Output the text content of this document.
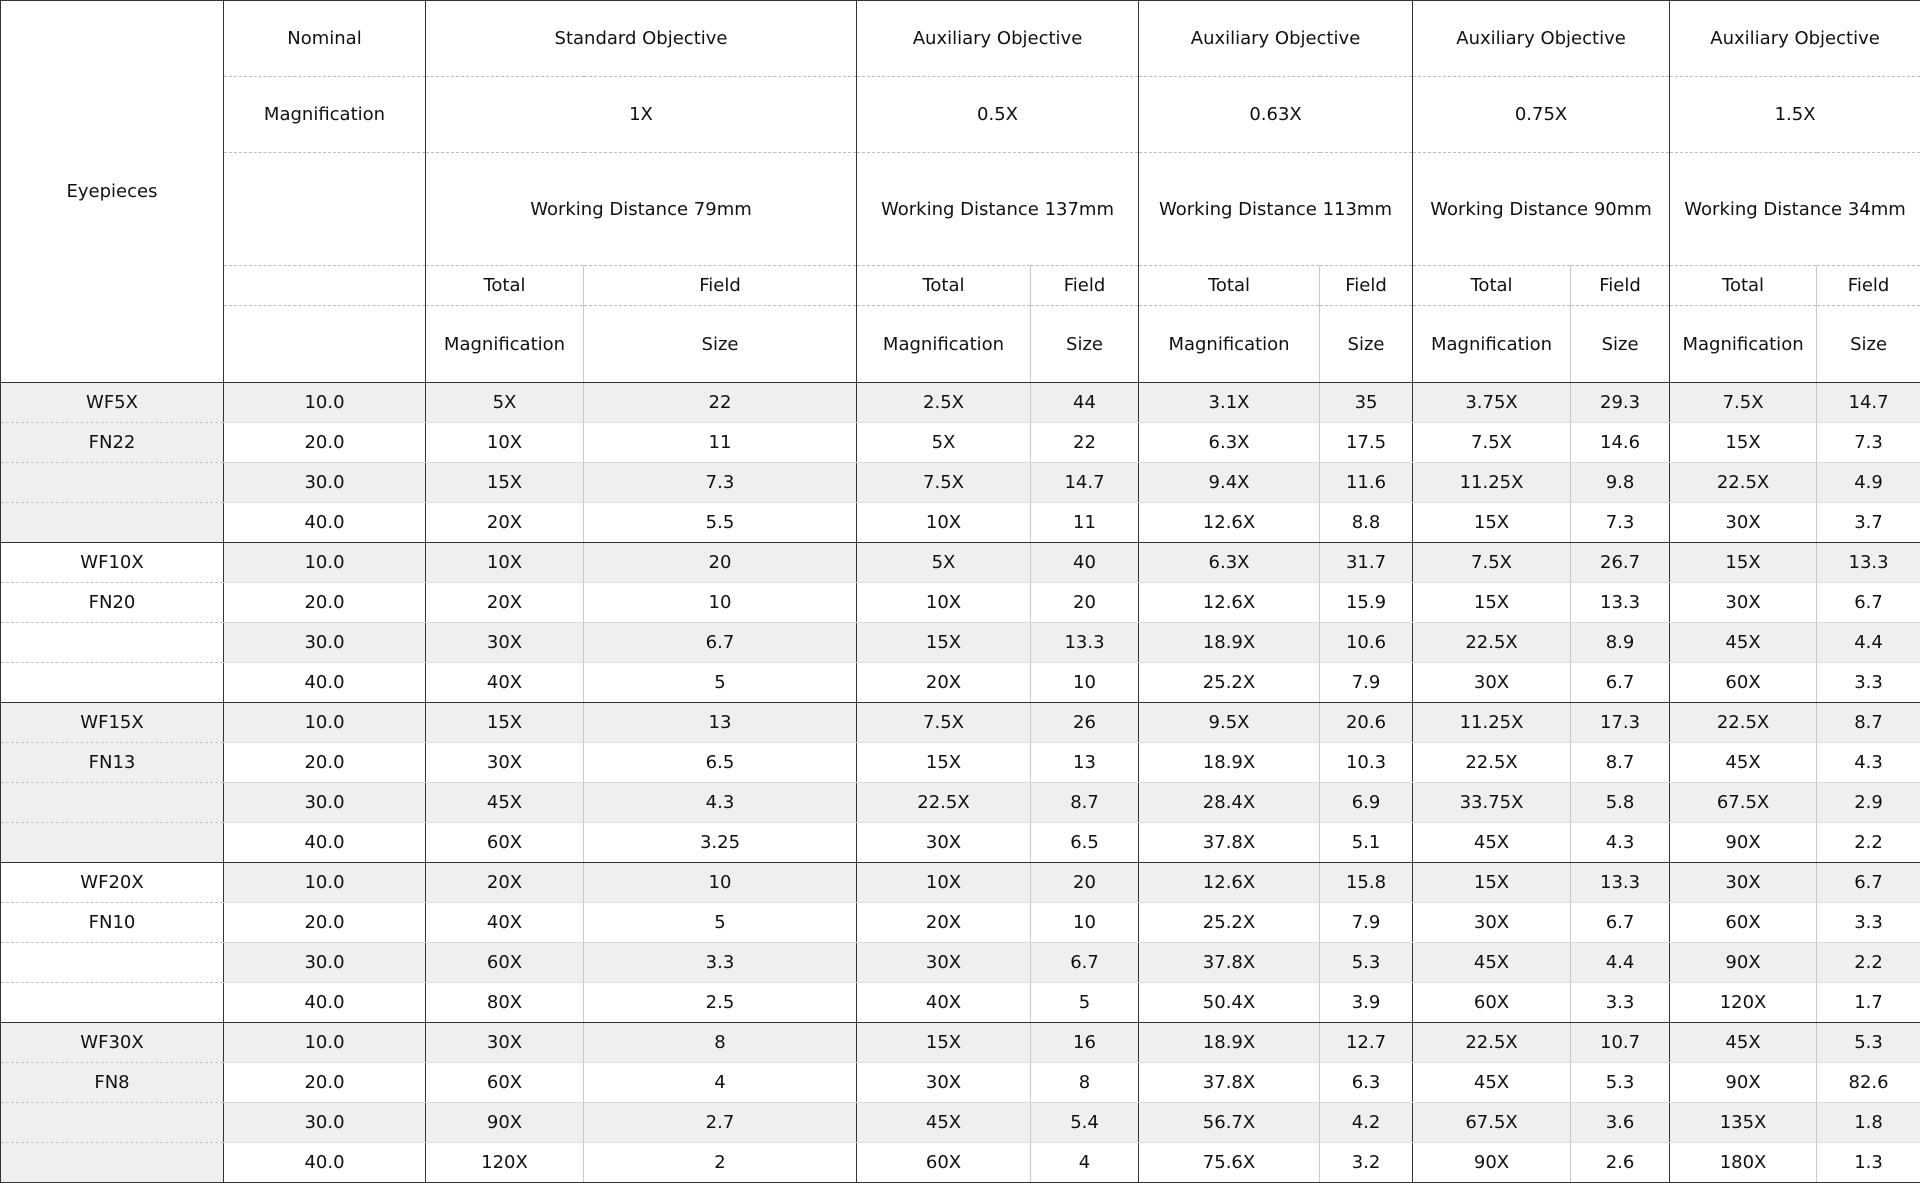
Eyepieces	Nominal	Standard Objective		Auxiliary Objective		Auxiliary Objective		Auxiliary Objective		Auxiliary Objective	
	Magnification	1X		0.5X		0.63X		0.75X		1.5X	
		Working Distance 79mm		Working Distance 137mm		Working Distance 113mm		Working Distance 90mm		Working Distance 34mm	
		Total	Field	Total	Field	Total	Field	Total	Field	Total	Field
		Magnification	Size	Magnification	Size	Magnification	Size	Magnification	Size	Magnification	Size
WF5X	10.0	5X	22	2.5X	44	3.1X	35	3.75X	29.3	7.5X	14.7
FN22	20.0	10X	11	5X	22	6.3X	17.5	7.5X	14.6	15X	7.3
	30.0	15X	7.3	7.5X	14.7	9.4X	11.6	11.25X	9.8	22.5X	4.9
	40.0	20X	5.5	10X	11	12.6X	8.8	15X	7.3	30X	3.7
WF10X	10.0	10X	20	5X	40	6.3X	31.7	7.5X	26.7	15X	13.3
FN20	20.0	20X	10	10X	20	12.6X	15.9	15X	13.3	30X	6.7
	30.0	30X	6.7	15X	13.3	18.9X	10.6	22.5X	8.9	45X	4.4
	40.0	40X	5	20X	10	25.2X	7.9	30X	6.7	60X	3.3
WF15X	10.0	15X	13	7.5X	26	9.5X	20.6	11.25X	17.3	22.5X	8.7
FN13	20.0	30X	6.5	15X	13	18.9X	10.3	22.5X	8.7	45X	4.3
	30.0	45X	4.3	22.5X	8.7	28.4X	6.9	33.75X	5.8	67.5X	2.9
	40.0	60X	3.25	30X	6.5	37.8X	5.1	45X	4.3	90X	2.2
WF20X	10.0	20X	10	10X	20	12.6X	15.8	15X	13.3	30X	6.7
FN10	20.0	40X	5	20X	10	25.2X	7.9	30X	6.7	60X	3.3
	30.0	60X	3.3	30X	6.7	37.8X	5.3	45X	4.4	90X	2.2
	40.0	80X	2.5	40X	5	50.4X	3.9	60X	3.3	120X	1.7
WF30X	10.0	30X	8	15X	16	18.9X	12.7	22.5X	10.7	45X	5.3
FN8	20.0	60X	4	30X	8	37.8X	6.3	45X	5.3	90X	82.6
	30.0	90X	2.7	45X	5.4	56.7X	4.2	67.5X	3.6	135X	1.8
	40.0	120X	2	60X	4	75.6X	3.2	90X	2.6	180X	1.3
